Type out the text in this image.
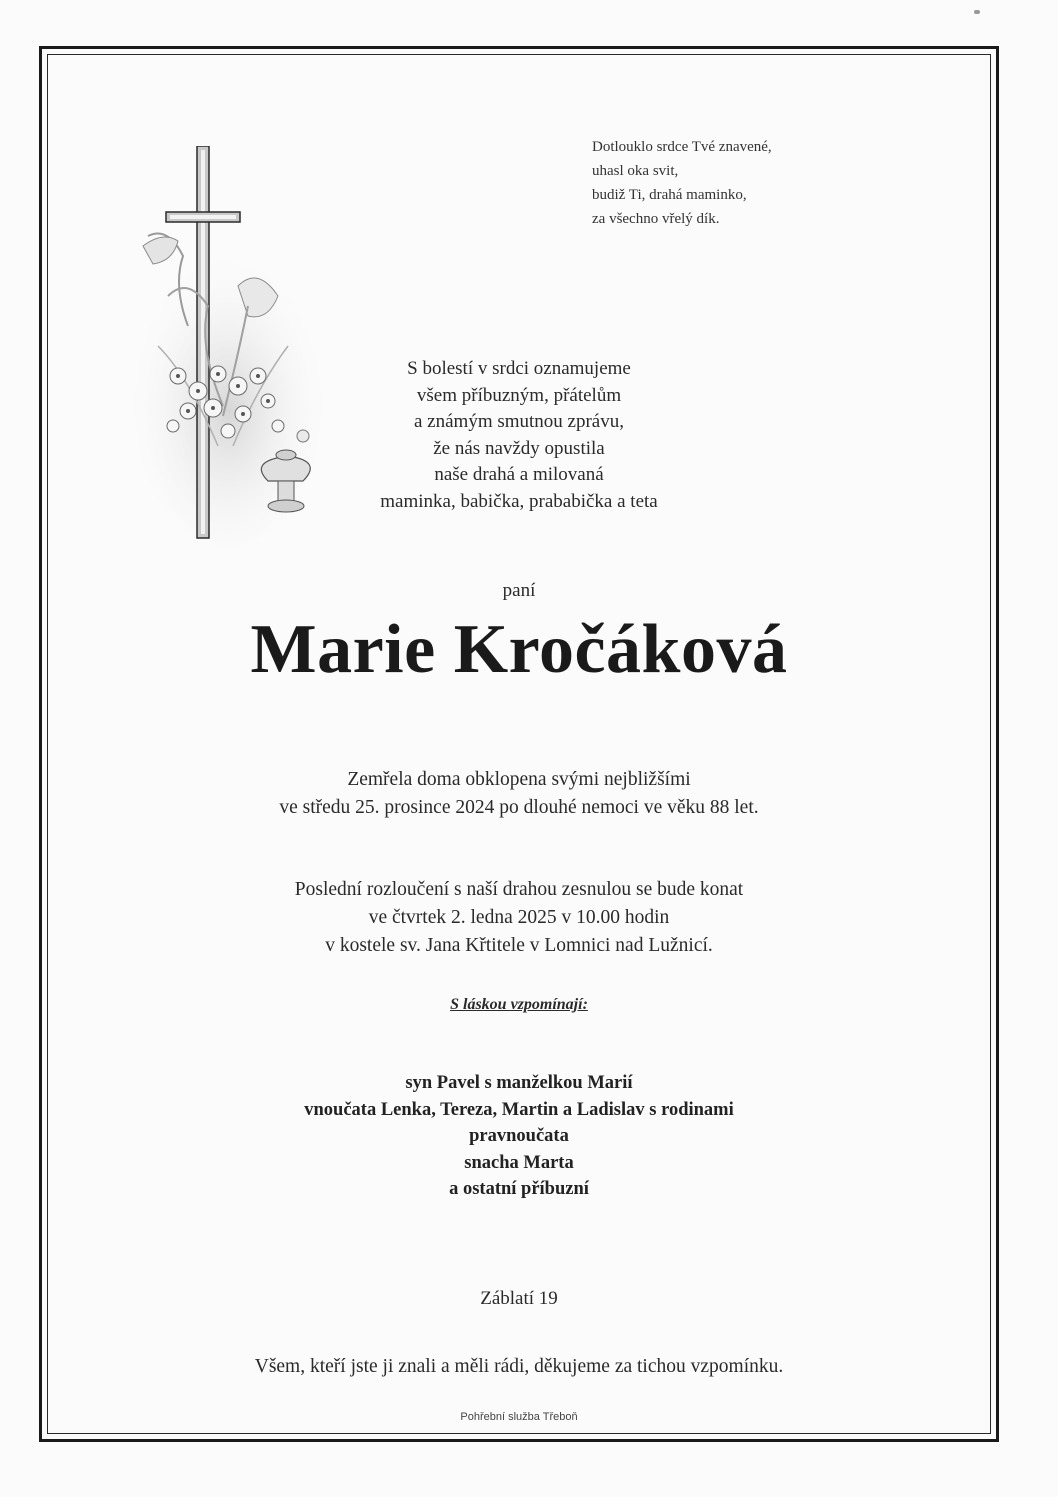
Dotlouklo srdce Tvé znavené,
uhasl oka svit,
budiž Ti, drahá maminko,
za všechno vřelý dík.
S bolestí v srdci oznamujeme
všem příbuzným, přátelům
a známým smutnou zprávu,
že nás navždy opustila
naše drahá a milovaná
maminka, babička, prababička a teta
paní
Marie Kročáková
Zemřela doma obklopena svými nejbližšími
ve středu 25. prosince 2024 po dlouhé nemoci ve věku 88 let.
Poslední rozloučení s naší drahou zesnulou se bude konat
ve čtvrtek 2. ledna 2025 v 10.00 hodin
v kostele sv. Jana Křtitele v Lomnici nad Lužnicí.
S láskou vzpomínají:
syn Pavel s manželkou Marií
vnoučata Lenka, Tereza, Martin a Ladislav s rodinami
pravnoučata
snacha Marta
a ostatní příbuzní
Záblatí 19
Všem, kteří jste ji znali a měli rádi, děkujeme za tichou vzpomínku.
Pohřební služba Třeboň
